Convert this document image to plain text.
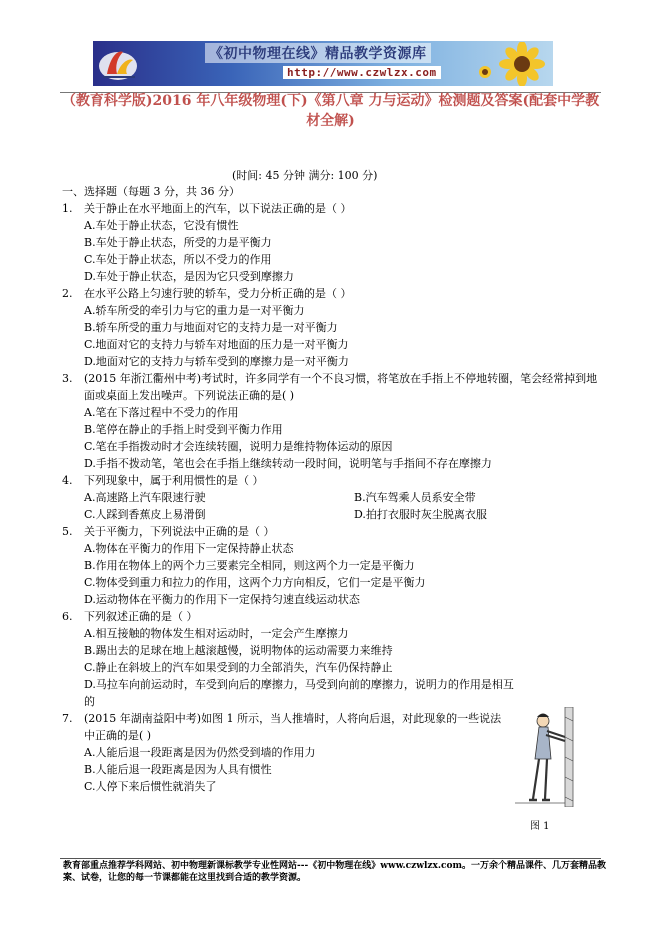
《初中物理在线》精品教学资源库
http://www.czwlzx.com
（教育科学版)2016 年八年级物理(下)《第八章 力与运动》检测题及答案(配套中学教材全解)
(时间: 45 分钟 满分: 100 分)

一、选择题（每题 3 分，共 36 分）

1. 关于静止在水平地面上的汽车，以下说法正确的是（ ）

A.车处于静止状态，它没有惯性

B.车处于静止状态，所受的力是平衡力

C.车处于静止状态，所以不受力的作用

D.车处于静止状态，是因为它只受到摩擦力

2. 在水平公路上匀速行驶的轿车，受力分析正确的是（ ）

A.轿车所受的牵引力与它的重力是一对平衡力

B.轿车所受的重力与地面对它的支持力是一对平衡力

C.地面对它的支持力与轿车对地面的压力是一对平衡力

D.地面对它的支持力与轿车受到的摩擦力是一对平衡力

3. (2015 年浙江衢州中考)考试时，许多同学有一个不良习惯，将笔放在手指上不停地转圈，笔会经常掉到地面或桌面上发出噪声。下列说法正确的是( )

A.笔在下落过程中不受力的作用

B.笔停在静止的手指上时受到平衡力作用

C.笔在手指拨动时才会连续转圈，说明力是维持物体运动的原因

D.手指不拨动笔，笔也会在手指上继续转动一段时间，说明笔与手指间不存在摩擦力

4. 下列现象中，属于利用惯性的是（ ）

A.高速路上汽车限速行驶	B.汽车驾乘人员系安全带
C.人踩到香蕉皮上易滑倒	D.拍打衣服时灰尘脱离衣服

5. 关于平衡力，下列说法中正确的是（ ）

A.物体在平衡力的作用下一定保持静止状态

B.作用在物体上的两个力三要素完全相同，则这两个力一定是平衡力

C.物体受到重力和拉力的作用，这两个力方向相反，它们一定是平衡力

D.运动物体在平衡力的作用下一定保持匀速直线运动状态

6. 下列叙述正确的是（ ）

A.相互接触的物体发生相对运动时，一定会产生摩擦力

B.踢出去的足球在地上越滚越慢，说明物体的运动需要力来维持

C.静止在斜坡上的汽车如果受到的力全部消失，汽车仍保持静止

D.马拉车向前运动时，车受到向后的摩擦力，马受到向前的摩擦力，说明力的作用是相互的

7. (2015 年湖南益阳中考)如图 1 所示，当人推墙时，人将向后退，对此现象的一些说法中正确的是( )

A.人能后退一段距离是因为仍然受到墙的作用力

B.人能后退一段距离是因为人具有惯性

C.人停下来后惯性就消失了

图 1
教育部重点推荐学科网站、初中物理新课标教学专业性网站---《初中物理在线》www.czwlzx.com。一万余个精品课件、几万套精品教案、试卷，让您的每一节课都能在这里找到合适的教学资源。
